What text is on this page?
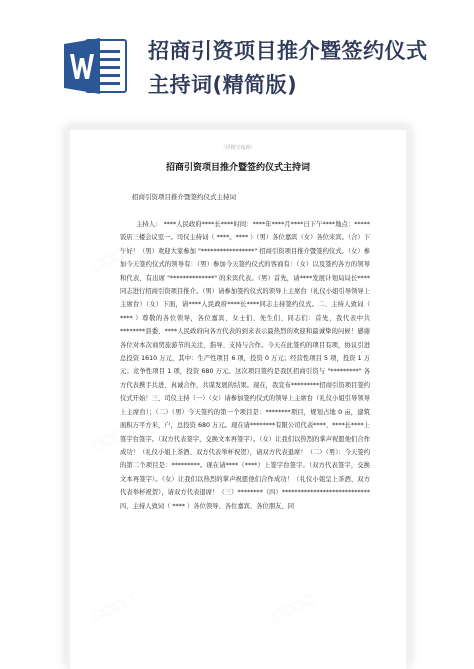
招商引资项目推介暨签约仪式
主持词(精简版)
▢▢▢▢	▢▢▢▢
▢▢▢▢	▢▢▢▢
▢▢▢▢	▢▢▢▢
（浮精宝翰跑）
招商引资项目推介暨签约仪式主持词
招商引资项目推介暨签约仪式主持词
主持人： ****人民政府****长****时间：****年****月****日下午****地点：*****饭店三楼会议室一。司仪主持词（ ****。**** ）（男）各位嘉宾（女）各位来宾。（合）下午好！（男）欢迎大家参加 "*****************" 招商引资项目推介暨签约仪式。（女）参加今天签约仪式的领导有：（男）参加今天签约仪式的客商有：（女）以及签约各方的领导和代表、有出席 "**************" 的来宾代表。（男）首先，请****发展计划局局长****同志进行招商引资项目推介。（男）请参加签约仪式的领导上主席台（礼仪小姐引导领导上主席台）（女）下面，请****人民政府****长****同志主持签约仪式。二、主持人致词（ **** ）尊敬的各位领导，各位嘉宾、女士们、先生们、同志们：首先，我代表中共********县委、****人民政府向各方代表的到来表示最热烈的欢迎和最诚挚的问候！感谢各位对本次商贸旅游节的关注、指导、支持与合作。今天在此签约的项目有项，协议引进总投资 1610 万元，其中：生产性项目 6 项，投资 0 万元；经营性项目 5 项，投资 1 万元；竞争性项目 1 项，投资 680 万元。这次项目签约是我区招商引资与 "*********" 各方代表携手共进、真诚合作，共谋发展的结果。现在，我宣布*********招商引资项目签约仪式开始！三、司仪主持（一）（女）请参加签约仪式的领导上主席台（礼仪小姐引导领导上主席台）；（二）（男）今天签约的第一个项目是：********项目，规划占地 0 亩，建筑面积万平方米，户，总投资 680 万元。现在请********有限公司代表****、****长****上签字台签字。（双方代表签字，交换文本再签字）。（女）让我们以热烈的掌声祝愿他们合作成功！（礼仪小姐上茶酒、双方代表举杯祝贺），请双方代表退席！（二）（男）：今天签约的第二个项目是：*********。现在请****（****）上签字台签字。（双方代表签字，交换文本再签字）。（女）让我们以热烈的掌声祝愿他们合作成功！（礼仪小姐呈上茶酒、双方代表举杯祝贺），请双方代表退席！（三）********（四）****************************四、主持人致词（ **** ）各位领导、各位嘉宾、各位朋友、同
